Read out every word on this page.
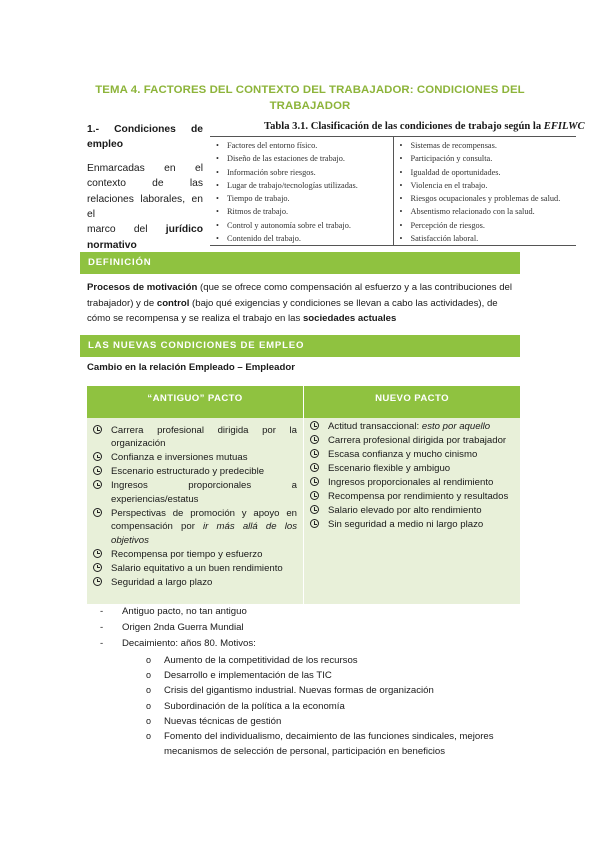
TEMA 4. FACTORES DEL CONTEXTO DEL TRABAJADOR: CONDICIONES DEL TRABAJADOR
1.- Condiciones de
empleo

Enmarcadas en el
contexto	de	las
relaciones laborales, en el
marco del jurídico
normativo

Tabla 3.1. Clasificación de las condiciones de trabajo según la EFILWC
• Factores del entorno físico.
• Diseño de las estaciones de trabajo.
• Información sobre riesgos.
• Lugar de trabajo/tecnologías utilizadas.
• Tiempo de trabajo.
• Ritmos de trabajo.
• Control y autonomía sobre el trabajo.
• Contenido del trabajo.
• Sistemas de recompensas.
• Participación y consulta.
• Igualdad de oportunidades.
• Violencia en el trabajo.
• Riesgos ocupacionales y problemas de salud.
• Absentismo relacionado con la salud.
• Percepción de riesgos.
• Satisfacción laboral.
DEFINICIÓN
Procesos de motivación (que se ofrece como compensación al esfuerzo y a las contribuciones del trabajador) y de control (bajo qué exigencias y condiciones se llevan a cabo las actividades), de cómo se recompensa y se realiza el trabajo en las sociedades actuales
LAS NUEVAS CONDICIONES DE EMPLEO
Cambio en la relación Empleado – Empleador
“ANTIGUO” PACTO
Carrera profesional dirigida por la organización
Confianza e inversiones mutuas
Escenario estructurado y predecible
Ingresos proporcionales a experiencias/estatus
Perspectivas de promoción y apoyo en compensación por ir más allá de los objetivos
Recompensa por tiempo y esfuerzo
Salario equitativo a un buen rendimiento
Seguridad a largo plazo
NUEVO PACTO
Actitud transaccional: esto por aquello
Carrera profesional dirigida por trabajador
Escasa confianza y mucho cinismo
Escenario flexible y ambiguo
Ingresos proporcionales al rendimiento
Recompensa por rendimiento y resultados
Salario elevado por alto rendimiento
Sin seguridad a medio ni largo plazo
- Antiguo pacto, no tan antiguo
- Origen 2nda Guerra Mundial
- Decaimiento: años 80. Motivos:
o Aumento de la competitividad de los recursos
o Desarrollo e implementación de las TIC
o Crisis del gigantismo industrial. Nuevas formas de organización
o Subordinación de la política a la economía
o Nuevas técnicas de gestión
o Fomento del individualismo, decaimiento de las funciones sindicales, mejores mecanismos de selección de personal, participación en beneficios
